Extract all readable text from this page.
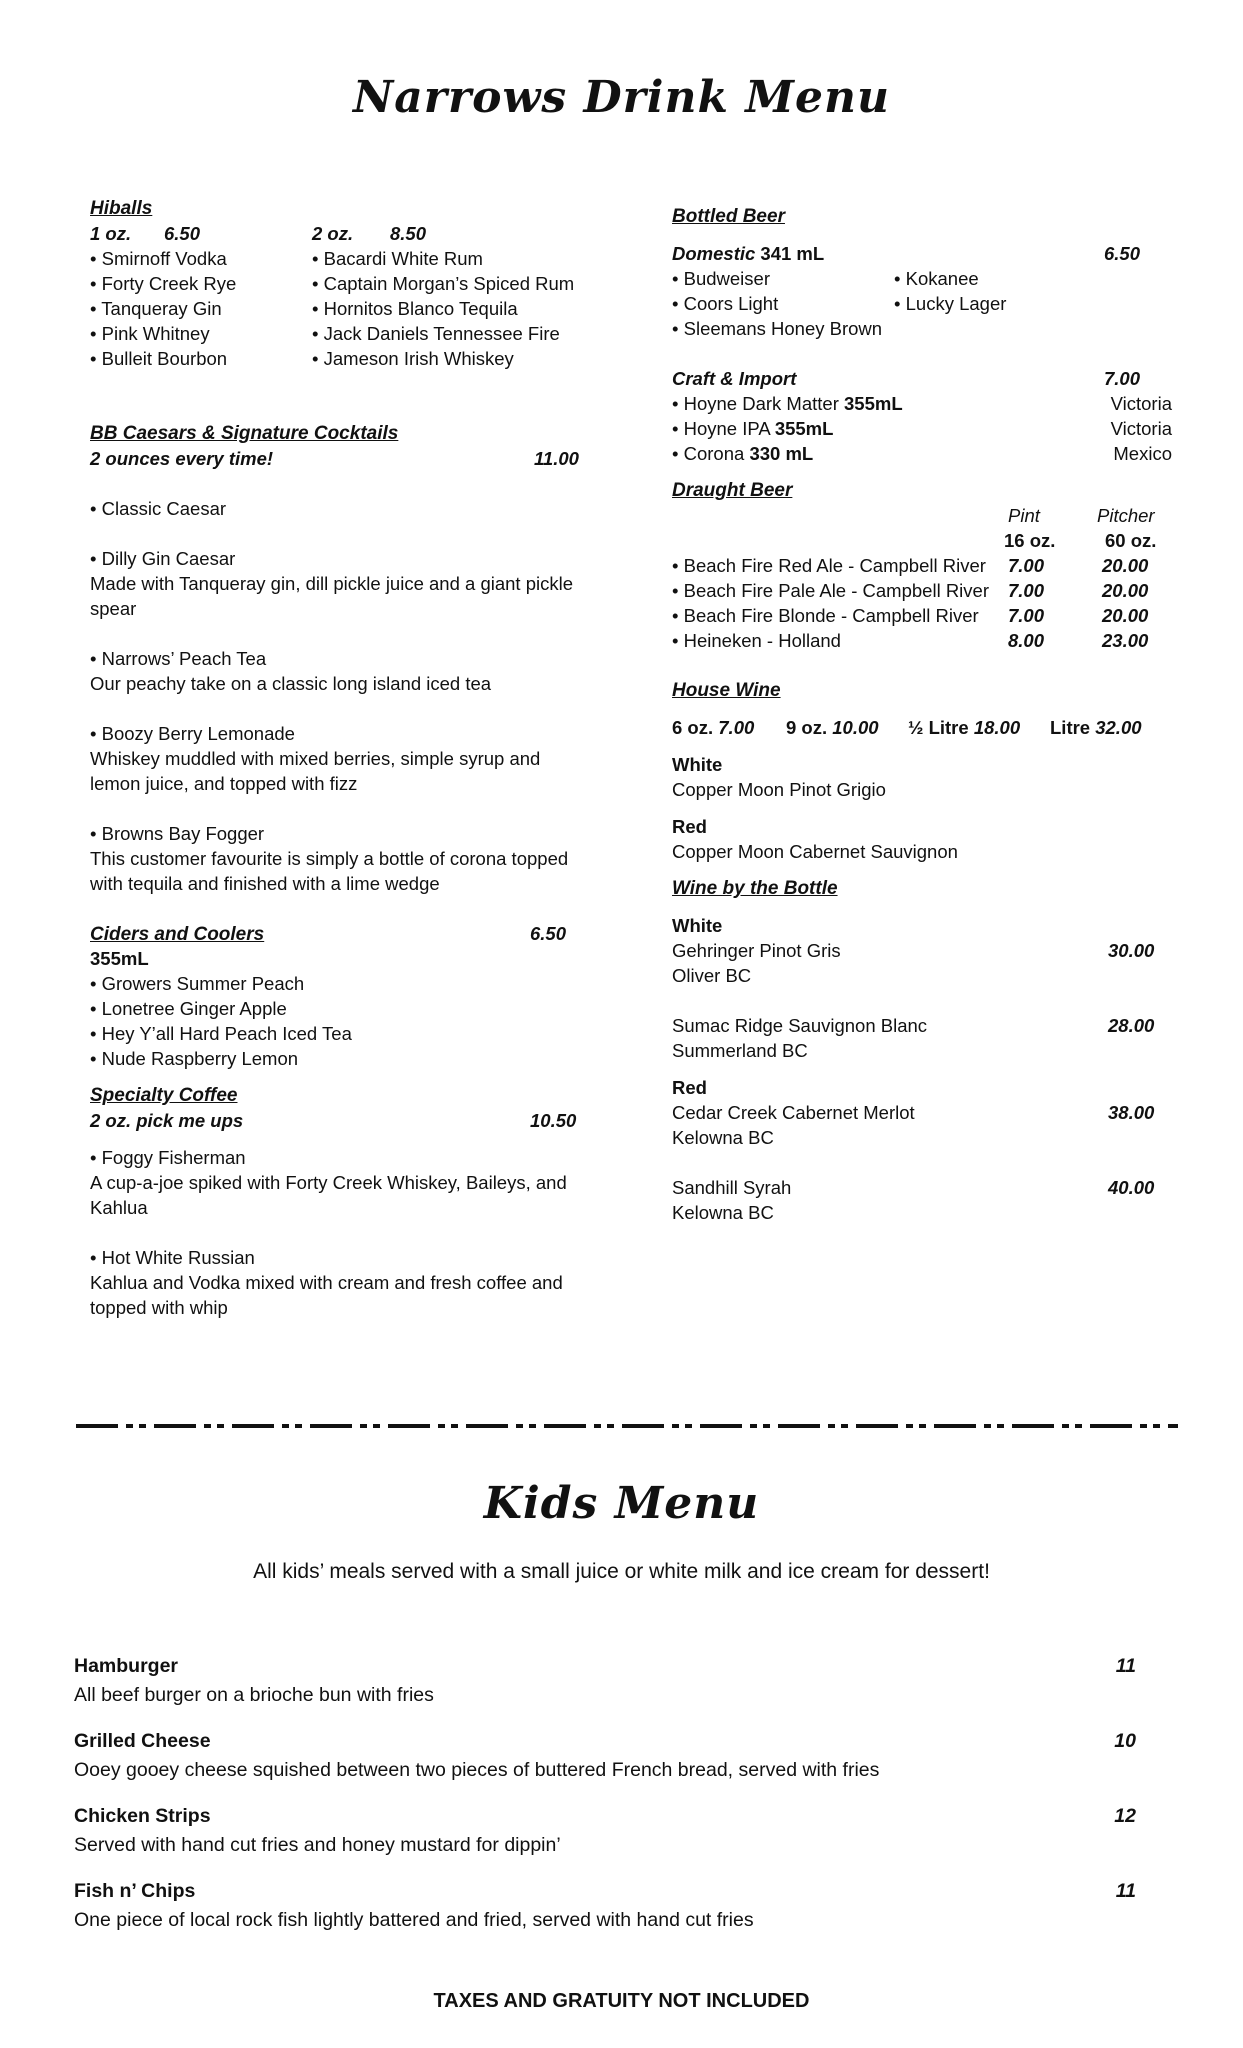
Narrows Drink Menu
Hiballs
1 oz. 6.50	2 oz. 8.50
• Smirnoff Vodka	• Bacardi White Rum
• Forty Creek Rye	• Captain Morgan’s Spiced Rum
• Tanqueray Gin	• Hornitos Blanco Tequila
• Pink Whitney	• Jack Daniels Tennessee Fire
• Bulleit Bourbon	• Jameson Irish Whiskey
BB Caesars & Signature Cocktails
2 ounces every time!	11.00
• Classic Caesar
• Dilly Gin Caesar
Made with Tanqueray gin, dill pickle juice and a giant pickle spear
• Narrows’ Peach Tea
Our peachy take on a classic long island iced tea
• Boozy Berry Lemonade
Whiskey muddled with mixed berries, simple syrup and lemon juice, and topped with fizz
• Browns Bay Fogger
This customer favourite is simply a bottle of corona topped with tequila and finished with a lime wedge
Ciders and Coolers	6.50
355mL
• Growers Summer Peach
• Lonetree Ginger Apple
• Hey Y’all Hard Peach Iced Tea
• Nude Raspberry Lemon
Specialty Coffee
2 oz. pick me ups	10.50
• Foggy Fisherman
A cup-a-joe spiked with Forty Creek Whiskey, Baileys, and Kahlua
• Hot White Russian
Kahlua and Vodka mixed with cream and fresh coffee and topped with whip
Bottled Beer
Domestic 341 mL	6.50
• Budweiser	• Kokanee
• Coors Light	• Lucky Lager
• Sleemans Honey Brown
Craft & Import	7.00
• Hoyne Dark Matter 355mL	Victoria
• Hoyne IPA 355mL	Victoria
• Corona 330 mL	Mexico
Draught Beer
Pint	Pitcher
16 oz.	60 oz.
• Beach Fire Red Ale - Campbell River 7.00	20.00
• Beach Fire Pale Ale - Campbell River 7.00	20.00
• Beach Fire Blonde - Campbell River 7.00	20.00
• Heineken - Holland	8.00	23.00
House Wine
6 oz. 7.00 9 oz. 10.00 ½ Litre 18.00 Litre 32.00
White
Copper Moon Pinot Grigio
Red
Copper Moon Cabernet Sauvignon
Wine by the Bottle
White
Gehringer Pinot Gris	30.00
Oliver BC
Sumac Ridge Sauvignon Blanc	28.00
Summerland BC
Red
Cedar Creek Cabernet Merlot	38.00
Kelowna BC
Sandhill Syrah	40.00
Kelowna BC
Kids Menu
All kids’ meals served with a small juice or white milk and ice cream for dessert!
Hamburger	11
All beef burger on a brioche bun with fries
Grilled Cheese	10
Ooey gooey cheese squished between two pieces of buttered French bread, served with fries
Chicken Strips	12
Served with hand cut fries and honey mustard for dippin’
Fish n’ Chips	11
One piece of local rock fish lightly battered and fried, served with hand cut fries
TAXES AND GRATUITY NOT INCLUDED
